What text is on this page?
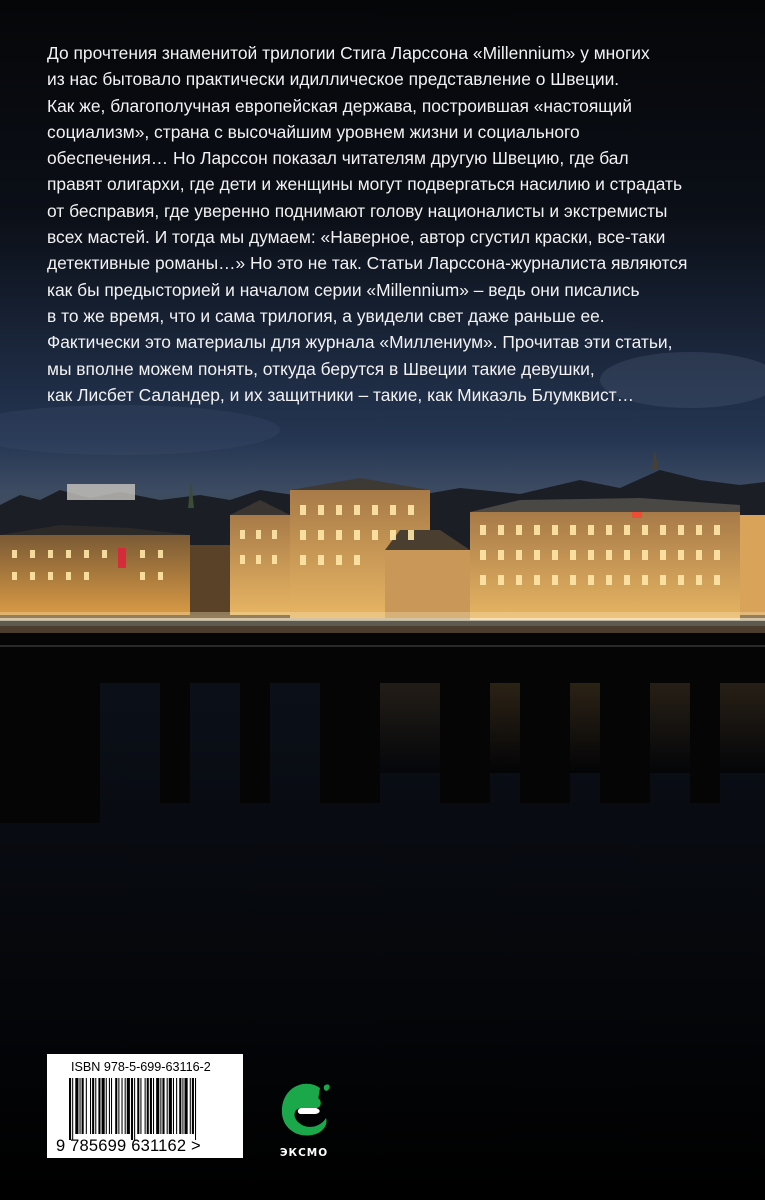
До прочтения знаменитой трилогии Стига Ларссона «Millennium» у многих
из нас бытовало практически идиллическое представление о Швеции.
Как же, благополучная европейская держава, построившая «настоящий
социализм», страна с высочайшим уровнем жизни и социального
обеспечения… Но Ларссон показал читателям другую Швецию, где бал
правят олигархи, где дети и женщины могут подвергаться насилию и страдать
от бесправия, где уверенно поднимают голову националисты и экстремисты
всех мастей. И тогда мы думаем: «Наверное, автор сгустил краски, все-таки
детективные романы…» Но это не так. Статьи Ларссона-журналиста являются
как бы предысторией и началом серии «Millennium» – ведь они писались
в то же время, что и сама трилогия, а увидели свет даже раньше ее.
Фактически это материалы для журнала «Миллениум». Прочитав эти статьи,
мы вполне можем понять, откуда берутся в Швеции такие девушки,
как Лисбет Саландер, и их защитники – такие, как Микаэль Блумквист…

ISBN 978-5-699-63116-2
9 785699 631162 >	ЭКСМО
